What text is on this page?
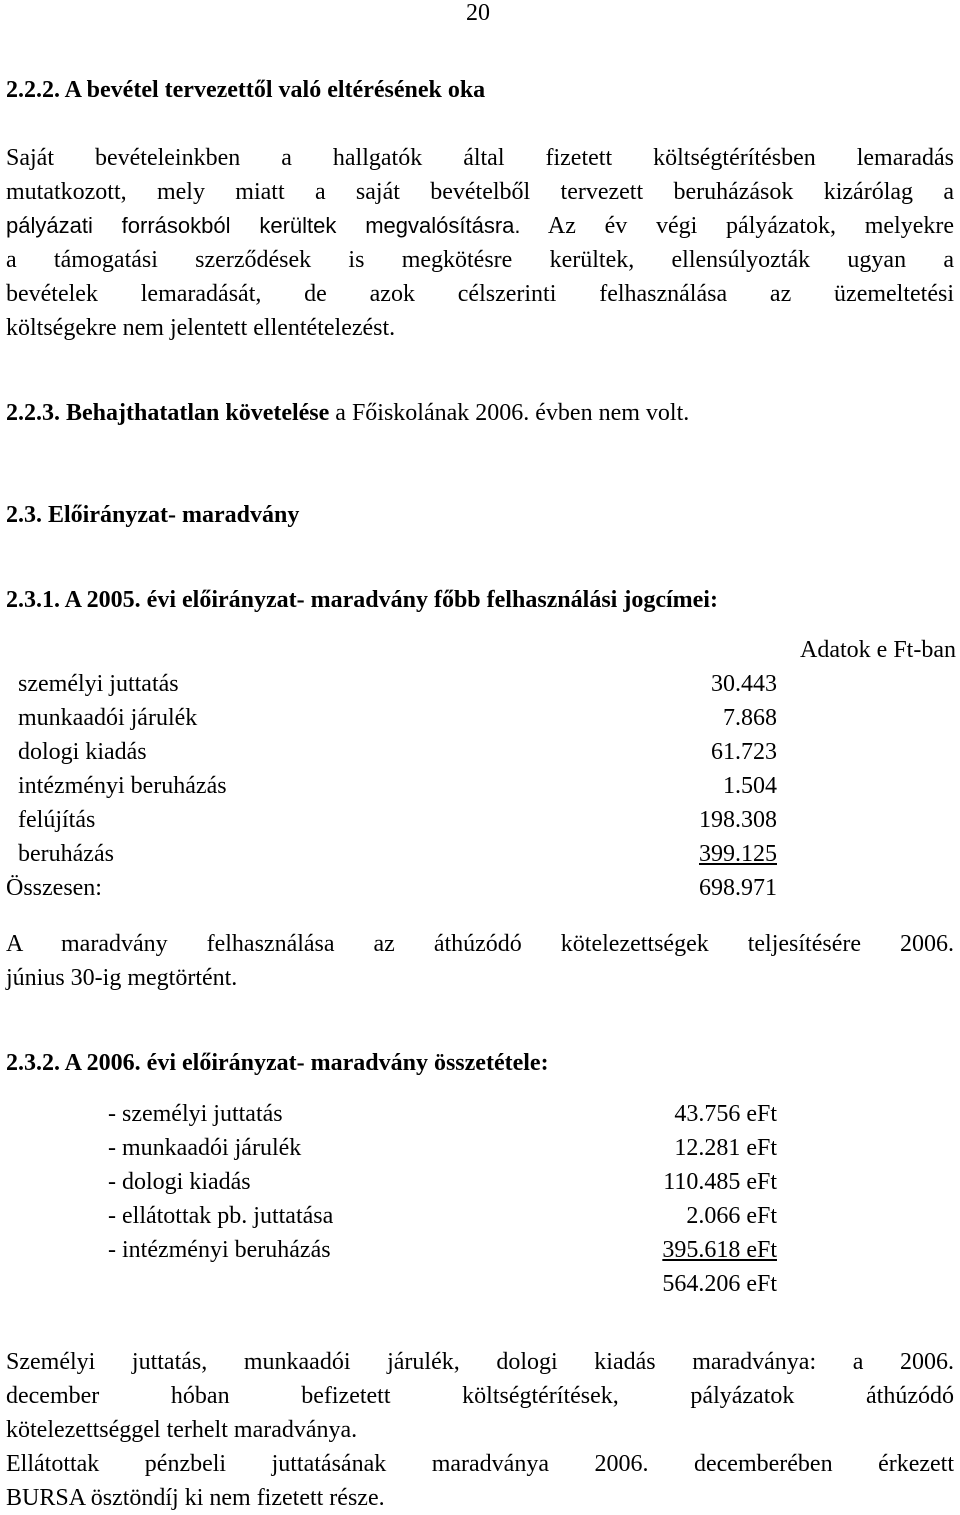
20
2.2.2. A bevétel tervezettől való eltérésének oka
Saját bevételeinkben a hallgatók által fizetett költségtérítésben lemaradás
mutatkozott, mely miatt a saját bevételből tervezett beruházások kizárólag a
pályázati forrásokból kerültek megvalósításra. Az év végi pályázatok, melyekre
a támogatási szerződések is megkötésre kerültek, ellensúlyozták ugyan a
bevételek lemaradását, de azok célszerinti felhasználása az üzemeltetési
költségekre nem jelentett ellentételezést.
2.2.3. Behajthatatlan követelése a Főiskolának 2006. évben nem volt.
2.3. Előirányzat- maradvány
2.3.1. A 2005. évi előirányzat- maradvány főbb felhasználási jogcímei:
Adatok e Ft-ban
személyi juttatás	30.443
munkaadói járulék	7.868
dologi kiadás	61.723
intézményi beruházás	1.504
felújítás	198.308
beruházás	399.125
Összesen:	698.971
A maradvány felhasználása az áthúzódó kötelezettségek teljesítésére 2006.
június 30-ig megtörtént.
2.3.2. A 2006. évi előirányzat- maradvány összetétele:
- személyi juttatás	43.756 eFt
- munkaadói járulék	12.281 eFt
- dologi kiadás	110.485 eFt
- ellátottak pb. juttatása	2.066 eFt
- intézményi beruházás	395.618 eFt
564.206 eFt
Személyi juttatás, munkaadói járulék, dologi kiadás maradványa: a 2006.
december hóban befizetett költségtérítések, pályázatok áthúzódó
kötelezettséggel terhelt maradványa.
Ellátottak pénzbeli juttatásának maradványa 2006. decemberében érkezett
BURSA ösztöndíj ki nem fizetett része.
